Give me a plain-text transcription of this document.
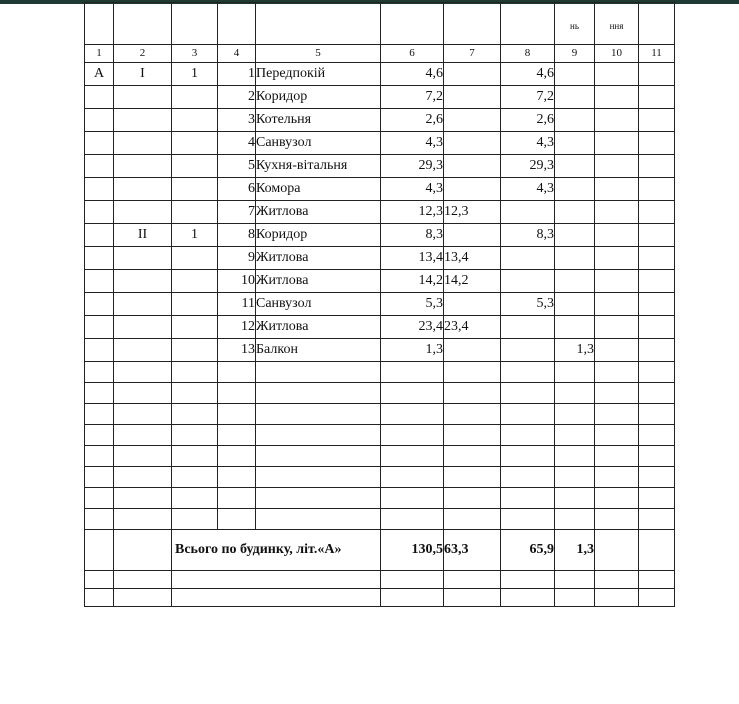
								нь	ння	

1	2	3	4	5	6	7	8	9	10	11
А	І	1	1	Передпокій	4,6		4,6			
			2	Коридор	7,2		7,2			
			3	Котельня	2,6		2,6			
			4	Санвузол	4,3		4,3			
			5	Кухня-вітальня	29,3		29,3			
			6	Комора	4,3		4,3			
			7	Житлова	12,3	12,3				
	ІІ	1	8	Коридор	8,3		8,3			
			9	Житлова	13,4	13,4				
			10	Житлова	14,2	14,2				
			11	Санвузол	5,3		5,3			
			12	Житлова	23,4	23,4				
			13	Балкон	1,3			1,3		

		Всього по будинку, літ.«А»			130,5	63,3	65,9	1,3		
